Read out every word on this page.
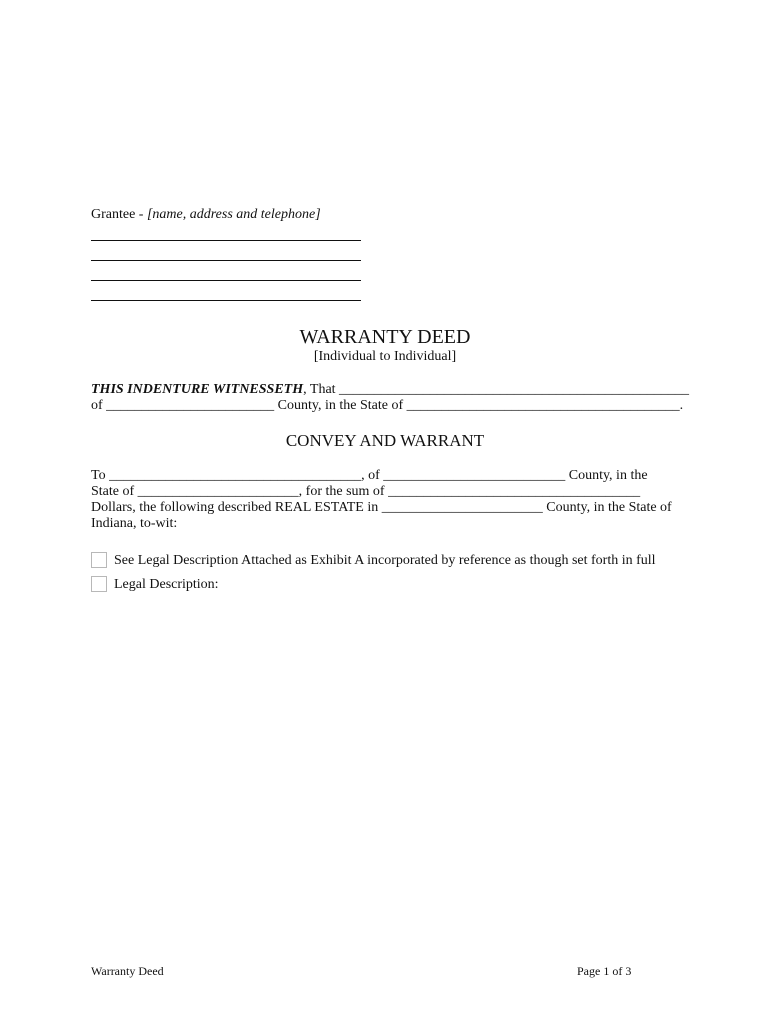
Grantee - [name, address and telephone]
WARRANTY DEED
[Individual to Individual]
THIS INDENTURE WITNESSETH, That __________________________________________________
of ________________________ County, in the State of _______________________________________.
CONVEY AND WARRANT
To ____________________________________, of __________________________ County, in the
State of _______________________, for the sum of ____________________________________
Dollars, the following described REAL ESTATE in _______________________ County, in the State of
Indiana, to-wit:
See Legal Description Attached as Exhibit A incorporated by reference as though set forth in full
Legal Description:
Warranty Deed	Page 1 of 3
